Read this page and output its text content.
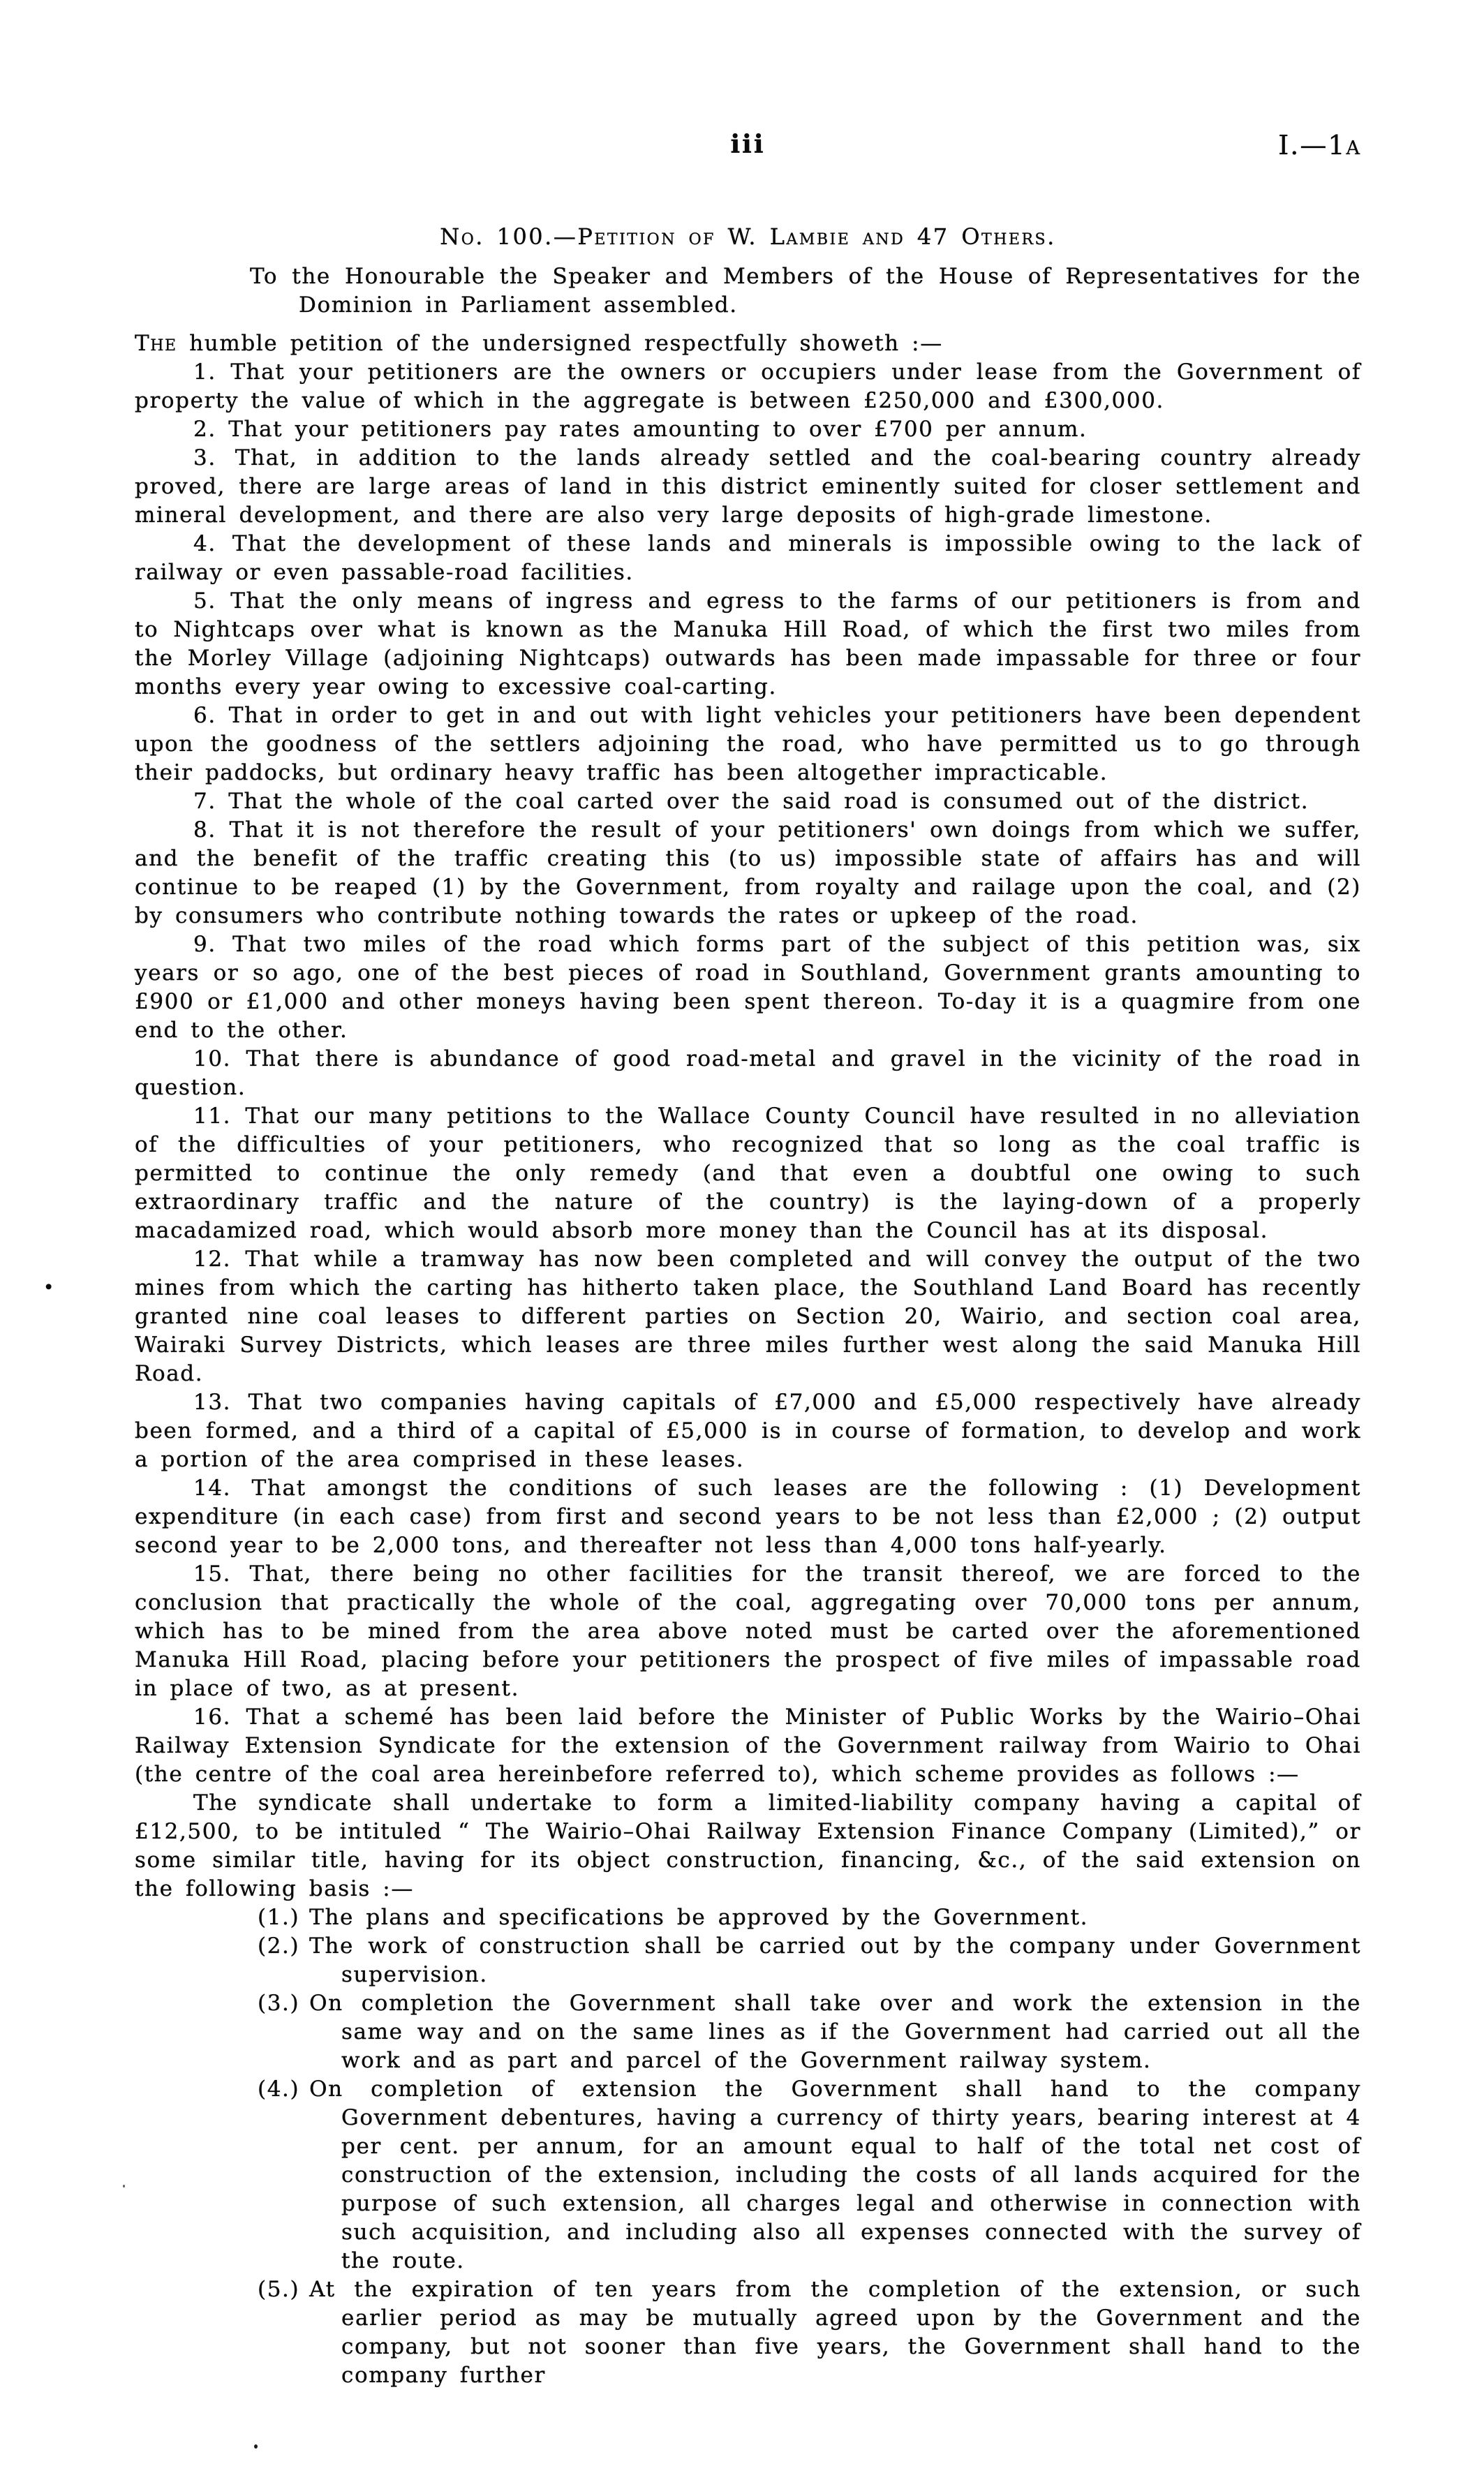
iii	I.—1a
No. 100.—Petition of W. Lambie and 47 Others.

To the Honourable the Speaker and Members of the House of Representatives for the Dominion in Parliament assembled.

The humble petition of the undersigned respectfully showeth :—

1. That your petitioners are the owners or occupiers under lease from the Government of property the value of which in the aggregate is between £250,000 and £300,000.

2. That your petitioners pay rates amounting to over £700 per annum.

3. That, in addition to the lands already settled and the coal-bearing country already proved, there are large areas of land in this district eminently suited for closer settlement and mineral development, and there are also very large deposits of high-grade limestone.

4. That the development of these lands and minerals is impossible owing to the lack of railway or even passable-road facilities.

5. That the only means of ingress and egress to the farms of our petitioners is from and to Nightcaps over what is known as the Manuka Hill Road, of which the first two miles from the Morley Village (adjoining Nightcaps) outwards has been made impassable for three or four months every year owing to excessive coal-carting.

6. That in order to get in and out with light vehicles your petitioners have been dependent upon the goodness of the settlers adjoining the road, who have permitted us to go through their paddocks, but ordinary heavy traffic has been altogether impracticable.

7. That the whole of the coal carted over the said road is consumed out of the district.

8. That it is not therefore the result of your petitioners' own doings from which we suffer, and the benefit of the traffic creating this (to us) impossible state of affairs has and will continue to be reaped (1) by the Government, from royalty and railage upon the coal, and (2) by consumers who contribute nothing towards the rates or upkeep of the road.

9. That two miles of the road which forms part of the subject of this petition was, six years or so ago, one of the best pieces of road in Southland, Government grants amounting to £900 or £1,000 and other moneys having been spent thereon. To-day it is a quagmire from one end to the other.

10. That there is abundance of good road-metal and gravel in the vicinity of the road in question.

11. That our many petitions to the Wallace County Council have resulted in no alleviation of the difficulties of your petitioners, who recognized that so long as the coal traffic is permitted to continue the only remedy (and that even a doubtful one owing to such extraordinary traffic and the nature of the country) is the laying-down of a properly macadamized road, which would absorb more money than the Council has at its disposal.

12. That while a tramway has now been completed and will convey the output of the two mines from which the carting has hitherto taken place, the Southland Land Board has recently granted nine coal leases to different parties on Section 20, Wairio, and section coal area, Wairaki Survey Districts, which leases are three miles further west along the said Manuka Hill Road.

13. That two companies having capitals of £7,000 and £5,000 respectively have already been formed, and a third of a capital of £5,000 is in course of formation, to develop and work a portion of the area comprised in these leases.

14. That amongst the conditions of such leases are the following : (1) Development expenditure (in each case) from first and second years to be not less than £2,000 ; (2) output second year to be 2,000 tons, and thereafter not less than 4,000 tons half-yearly.

15. That, there being no other facilities for the transit thereof, we are forced to the conclusion that practically the whole of the coal, aggregating over 70,000 tons per annum, which has to be mined from the area above noted must be carted over the aforementioned Manuka Hill Road, placing before your petitioners the prospect of five miles of impassable road in place of two, as at present.

16. That a schemé has been laid before the Minister of Public Works by the Wairio–Ohai Railway Extension Syndicate for the extension of the Government railway from Wairio to Ohai (the centre of the coal area hereinbefore referred to), which scheme provides as follows :—

The syndicate shall undertake to form a limited-liability company having a capital of £12,500, to be intituled “ The Wairio–Ohai Railway Extension Finance Company (Limited),” or some similar title, having for its object construction, financing, &c., of the said extension on the following basis :—

(1.) The plans and specifications be approved by the Government.

(2.) The work of construction shall be carried out by the company under Government supervision.

(3.) On completion the Government shall take over and work the extension in the same way and on the same lines as if the Government had carried out all the work and as part and parcel of the Government railway system.

(4.) On completion of extension the Government shall hand to the company Government debentures, having a currency of thirty years, bearing interest at 4 per cent. per annum, for an amount equal to half of the total net cost of construction of the extension, including the costs of all lands acquired for the purpose of such extension, all charges legal and otherwise in connection with such acquisition, and including also all expenses connected with the survey of the route.

(5.) At the expiration of ten years from the completion of the extension, or such earlier period as may be mutually agreed upon by the Government and the company, but not sooner than five years, the Government shall hand to the company further

•
